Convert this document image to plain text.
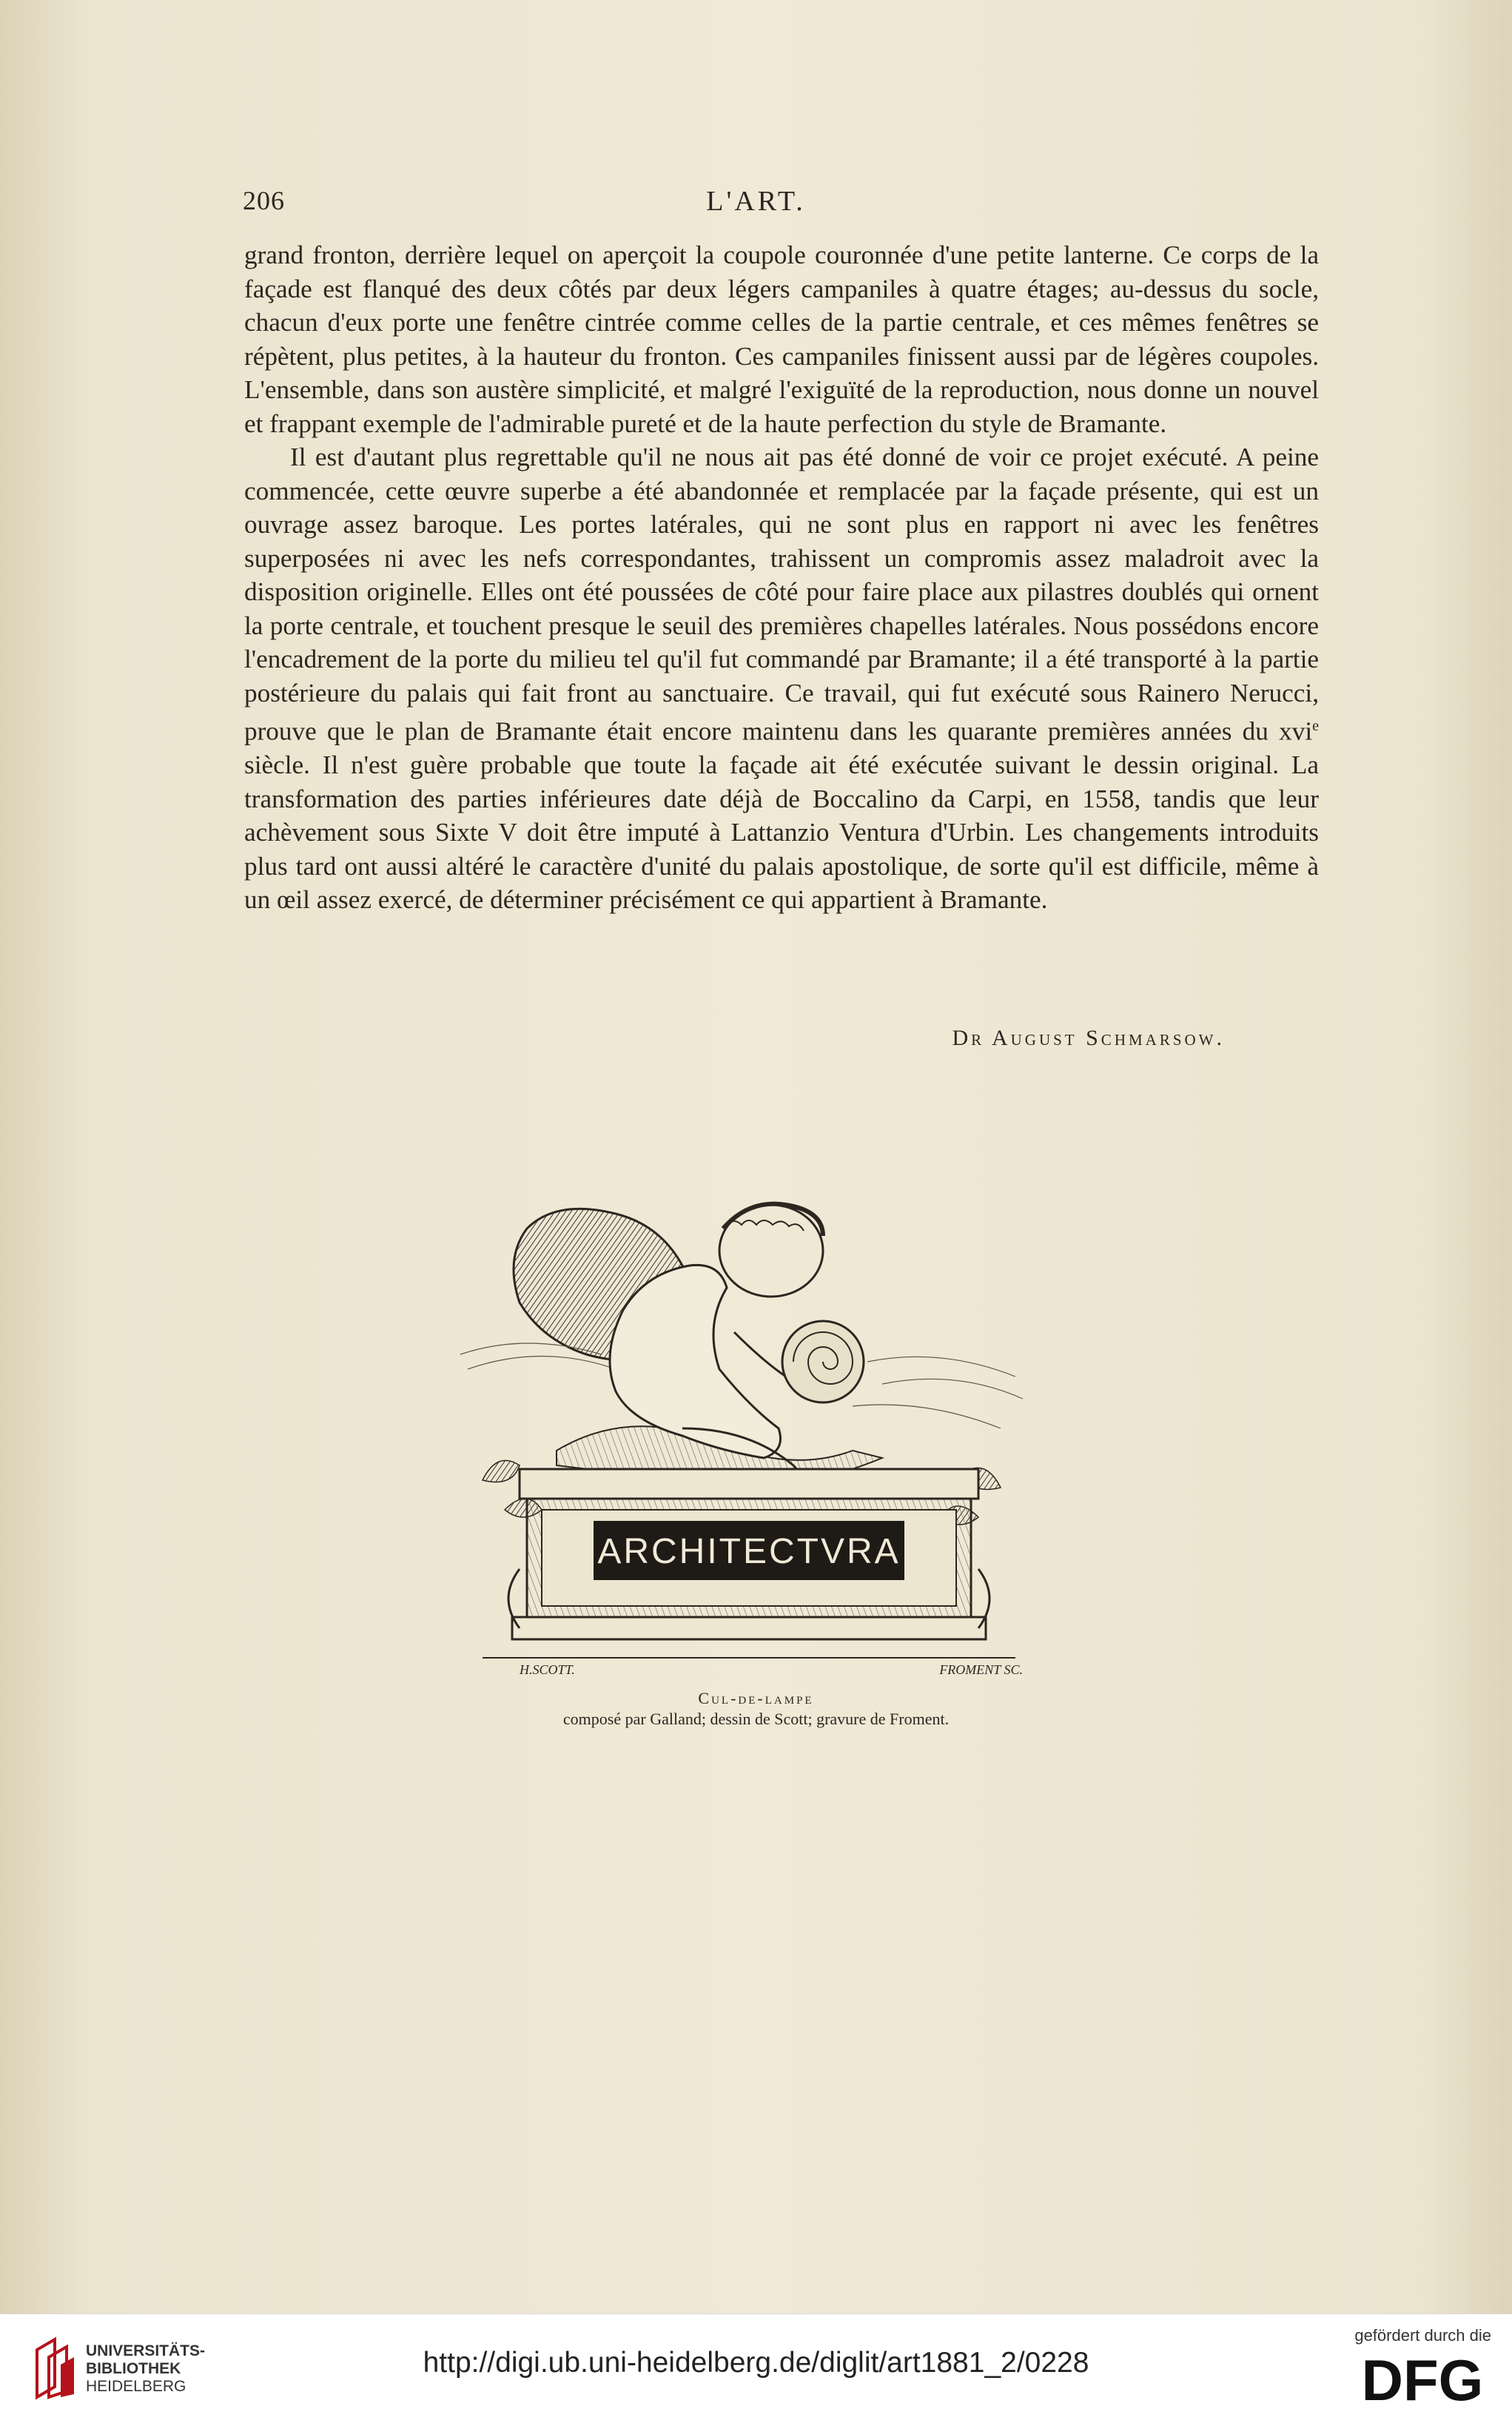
206	L'ART.

grand fronton, derrière lequel on aperçoit la coupole couronnée d'une petite lanterne. Ce corps de la façade est flanqué des deux côtés par deux légers campaniles à quatre étages; au-dessus du socle, chacun d'eux porte une fenêtre cintrée comme celles de la partie centrale, et ces mêmes fenêtres se répètent, plus petites, à la hauteur du fronton. Ces campaniles finissent aussi par de légères coupoles. L'ensemble, dans son austère simplicité, et malgré l'exiguïté de la reproduction, nous donne un nouvel et frappant exemple de l'admirable pureté et de la haute perfection du style de Bramante.

Il est d'autant plus regrettable qu'il ne nous ait pas été donné de voir ce projet exécuté. A peine commencée, cette œuvre superbe a été abandonnée et remplacée par la façade présente, qui est un ouvrage assez baroque. Les portes latérales, qui ne sont plus en rapport ni avec les fenêtres superposées ni avec les nefs correspondantes, trahissent un compromis assez maladroit avec la disposition originelle. Elles ont été poussées de côté pour faire place aux pilastres doublés qui ornent la porte centrale, et touchent presque le seuil des premières chapelles latérales. Nous possédons encore l'encadrement de la porte du milieu tel qu'il fut commandé par Bramante; il a été transporté à la partie postérieure du palais qui fait front au sanctuaire. Ce travail, qui fut exécuté sous Rainero Nerucci, prouve que le plan de Bramante était encore maintenu dans les quarante premières années du xvi$^e$ siècle. Il n'est guère probable que toute la façade ait été exécutée suivant le dessin original. La transformation des parties inférieures date déjà de Boccalino da Carpi, en 1558, tandis que leur achèvement sous Sixte V doit être imputé à Lattanzio Ventura d'Urbin. Les changements introduits plus tard ont aussi altéré le caractère d'unité du palais apostolique, de sorte qu'il est difficile, même à un œil assez exercé, de déterminer précisément ce qui appartient à Bramante.

Dr August Schmarsow.
ARCHITECTVRA
H.SCOTT.	FROMENT SC.
Cul-de-lampe
composé par Galland; dessin de Scott; gravure de Froment.
UNIVERSITÄTS-
BIBLIOTHEK
HEIDELBERG
http://digi.ub.uni-heidelberg.de/diglit/art1881_2/0228
gefördert durch die
DFG
